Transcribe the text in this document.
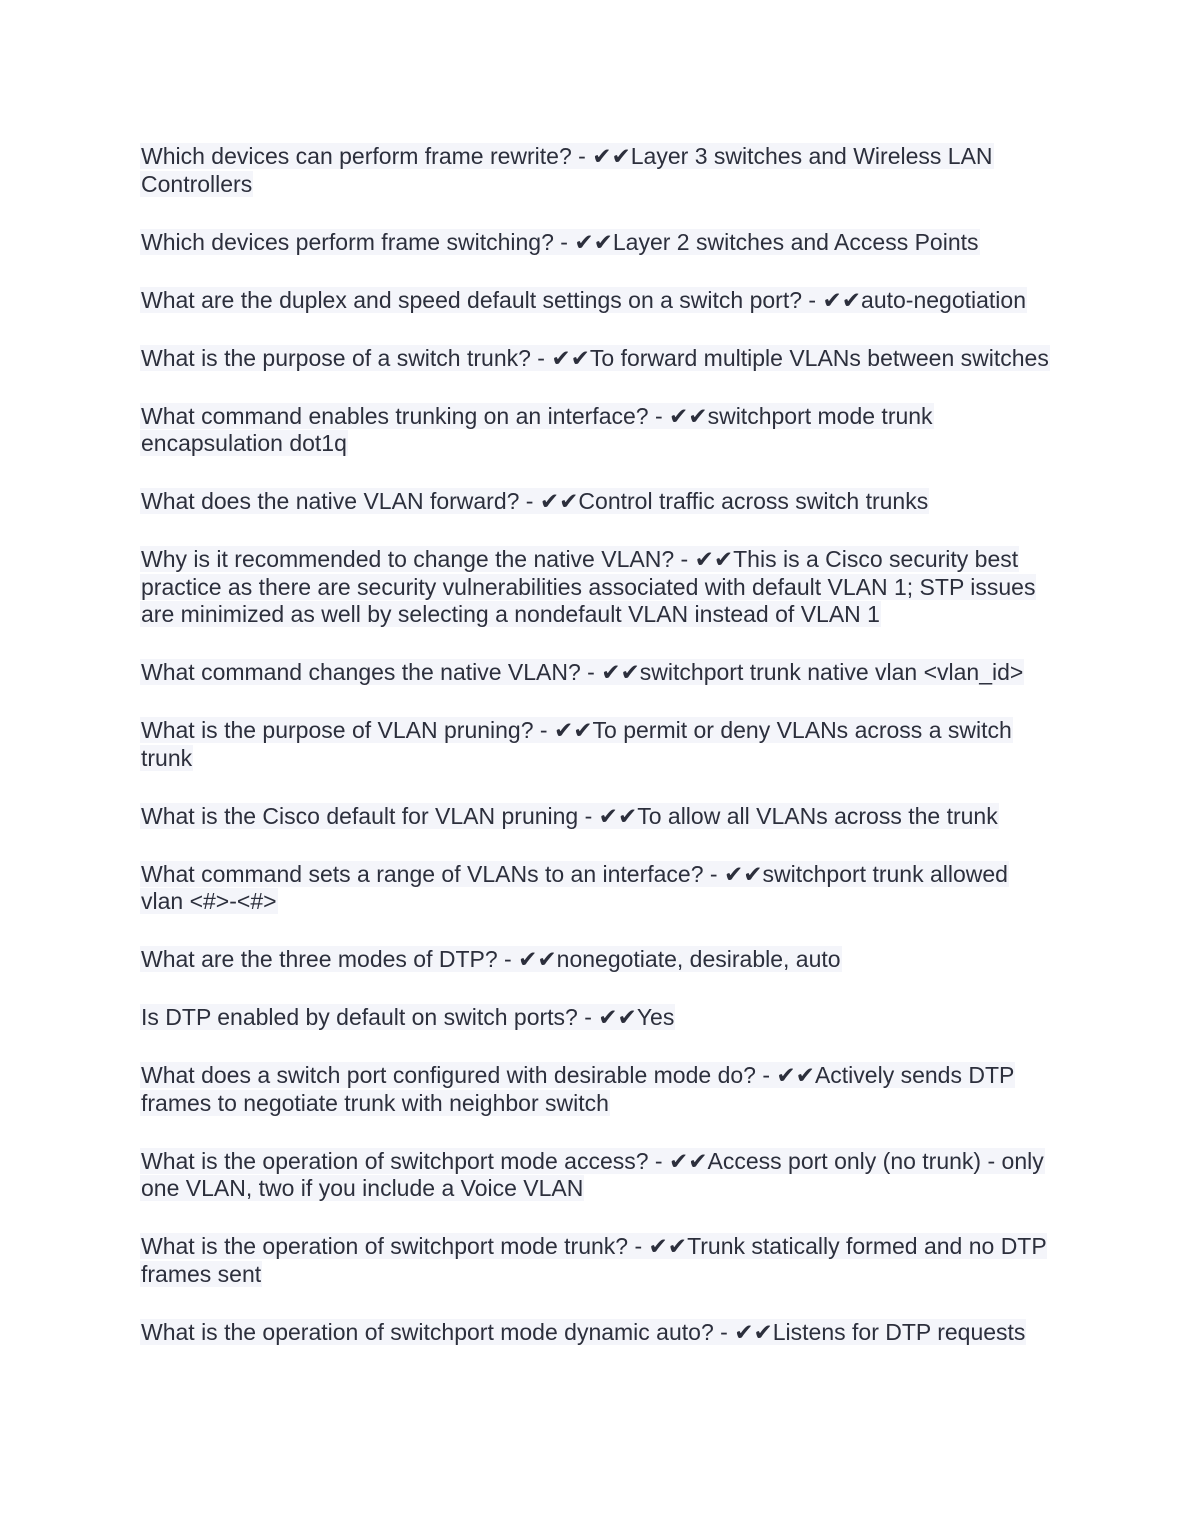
Which devices can perform frame rewrite? - ✔✔Layer 3 switches and Wireless LAN Controllers
Which devices perform frame switching? - ✔✔Layer 2 switches and Access Points
What are the duplex and speed default settings on a switch port? - ✔✔auto-negotiation
What is the purpose of a switch trunk? - ✔✔To forward multiple VLANs between switches
What command enables trunking on an interface? - ✔✔switchport mode trunk encapsulation dot1q
What does the native VLAN forward? - ✔✔Control traffic across switch trunks
Why is it recommended to change the native VLAN? - ✔✔This is a Cisco security best practice as there are security vulnerabilities associated with default VLAN 1; STP issues are minimized as well by selecting a nondefault VLAN instead of VLAN 1
What command changes the native VLAN? - ✔✔switchport trunk native vlan <vlan_id>
What is the purpose of VLAN pruning? - ✔✔To permit or deny VLANs across a switch trunk
What is the Cisco default for VLAN pruning - ✔✔To allow all VLANs across the trunk
What command sets a range of VLANs to an interface? - ✔✔switchport trunk allowed vlan <#>-<#>
What are the three modes of DTP? - ✔✔nonegotiate, desirable, auto
Is DTP enabled by default on switch ports? - ✔✔Yes
What does a switch port configured with desirable mode do? - ✔✔Actively sends DTP frames to negotiate trunk with neighbor switch
What is the operation of switchport mode access? - ✔✔Access port only (no trunk) - only one VLAN, two if you include a Voice VLAN
What is the operation of switchport mode trunk? - ✔✔Trunk statically formed and no DTP frames sent
What is the operation of switchport mode dynamic auto? - ✔✔Listens for DTP requests
